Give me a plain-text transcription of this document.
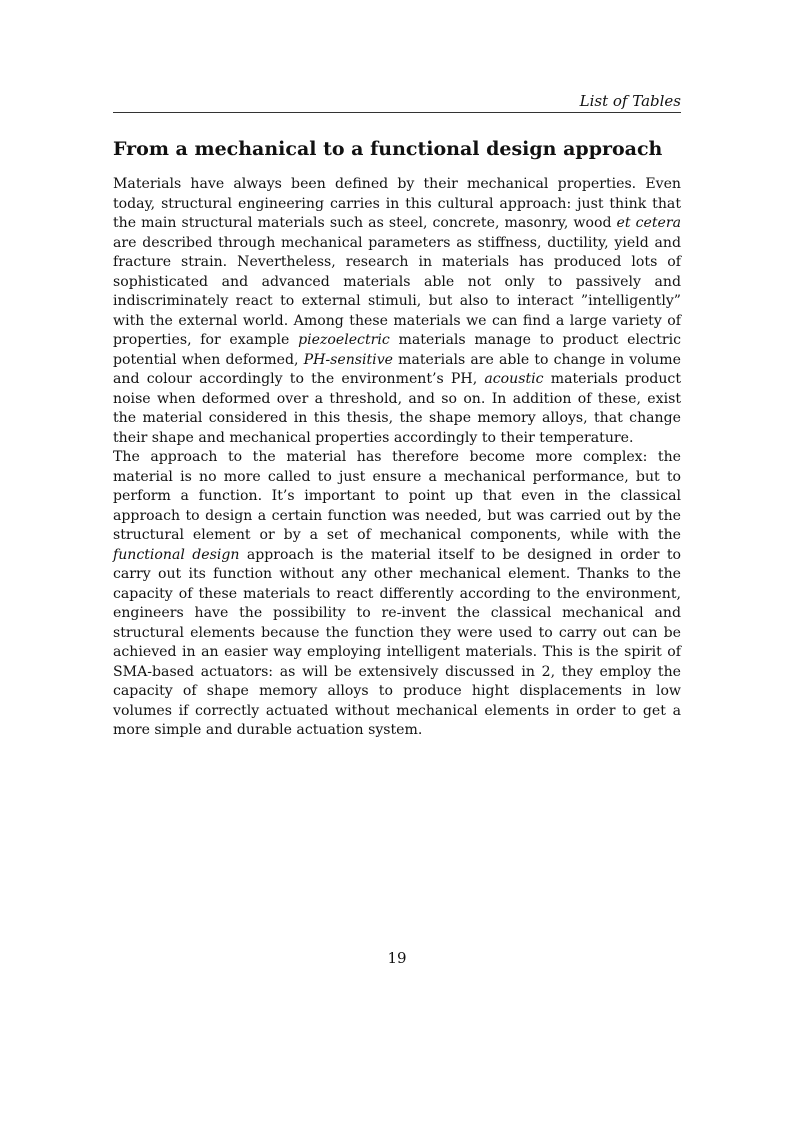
List of Tables
From a mechanical to a functional design approach

Materials have always been defined by their mechanical properties. Even today, structural engineering carries in this cultural approach: just think that the main structural materials such as steel, concrete, masonry, wood et cetera are described through mechanical parameters as stiffness, ductility, yield and fracture strain. Nevertheless, research in materials has produced lots of sophisticated and advanced materials able not only to passively and indiscriminately react to external stimuli, but also to interact ”intelligently” with the external world. Among these materials we can find a large variety of properties, for example piezoelectric materials manage to product electric potential when deformed, PH-sensitive materials are able to change in volume and colour accordingly to the environment’s PH, acoustic materials product noise when deformed over a threshold, and so on. In addition of these, exist the material considered in this thesis, the shape memory alloys, that change their shape and mechanical properties accordingly to their temperature.

The approach to the material has therefore become more complex: the material is no more called to just ensure a mechanical performance, but to perform a function. It’s important to point up that even in the classical approach to design a certain function was needed, but was carried out by the structural element or by a set of mechanical components, while with the functional design approach is the material itself to be designed in order to carry out its function without any other mechanical element. Thanks to the capacity of these materials to react differently according to the environment, engineers have the possibility to re-invent the classical mechanical and structural elements because the function they were used to carry out can be achieved in an easier way employing intelligent materials. This is the spirit of SMA-based actuators: as will be extensively discussed in 2, they employ the capacity of shape memory alloys to produce hight displacements in low volumes if correctly actuated without mechanical elements in order to get a more simple and durable actuation system.

19
